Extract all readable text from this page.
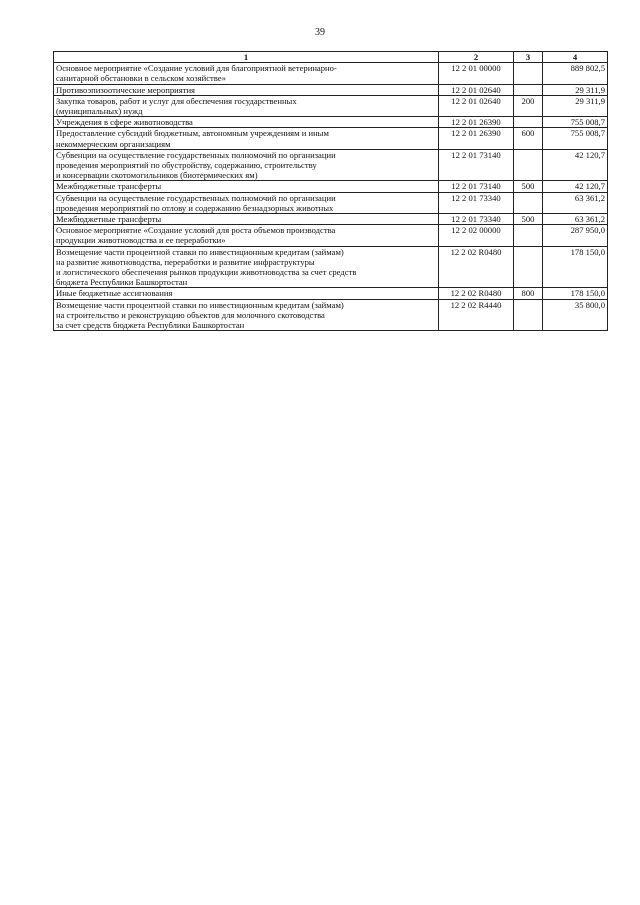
39
1	2	3	4
Основное мероприятие «Создание условий для благоприятной ветеринарно-
санитарной обстановки в сельском хозяйстве»	12 2 01 00000		889 802,5
Противоэпизоотические мероприятия	12 2 01 02640		29 311,9
Закупка товаров, работ и услуг для обеспечения государственных
(муниципальных) нужд	12 2 01 02640	200	29 311,9
Учреждения в сфере животноводства	12 2 01 26390		755 008,7
Предоставление субсидий бюджетным, автономным учреждениям и иным
некоммерческим организациям	12 2 01 26390	600	755 008,7
Субвенции на осуществление государственных полномочий по организации
проведения мероприятий по обустройству, содержанию, строительству
и консервации скотомогильников (биотермических ям)	12 2 01 73140		42 120,7
Межбюджетные трансферты	12 2 01 73140	500	42 120,7
Субвенции на осуществление государственных полномочий по организации
проведения мероприятий по отлову и содержанию безнадзорных животных	12 2 01 73340		63 361,2
Межбюджетные трансферты	12 2 01 73340	500	63 361,2
Основное мероприятие «Создание условий для роста объемов производства
продукции животноводства и ее переработки»	12 2 02 00000		287 950,0
Возмещение части процентной ставки по инвестиционным кредитам (займам)
на развитие животноводства, переработки и развитие инфраструктуры
и логистического обеспечения рынков продукции животноводства за счет средств
бюджета Республики Башкортостан	12 2 02 R0480		178 150,0
Иные бюджетные ассигнования	12 2 02 R0480	800	178 150,0
Возмещение части процентной ставки по инвестиционным кредитам (займам)
на строительство и реконструкцию объектов для молочного скотоводства
за счет средств бюджета Республики Башкортостан	12 2 02 R4440		35 800,0
